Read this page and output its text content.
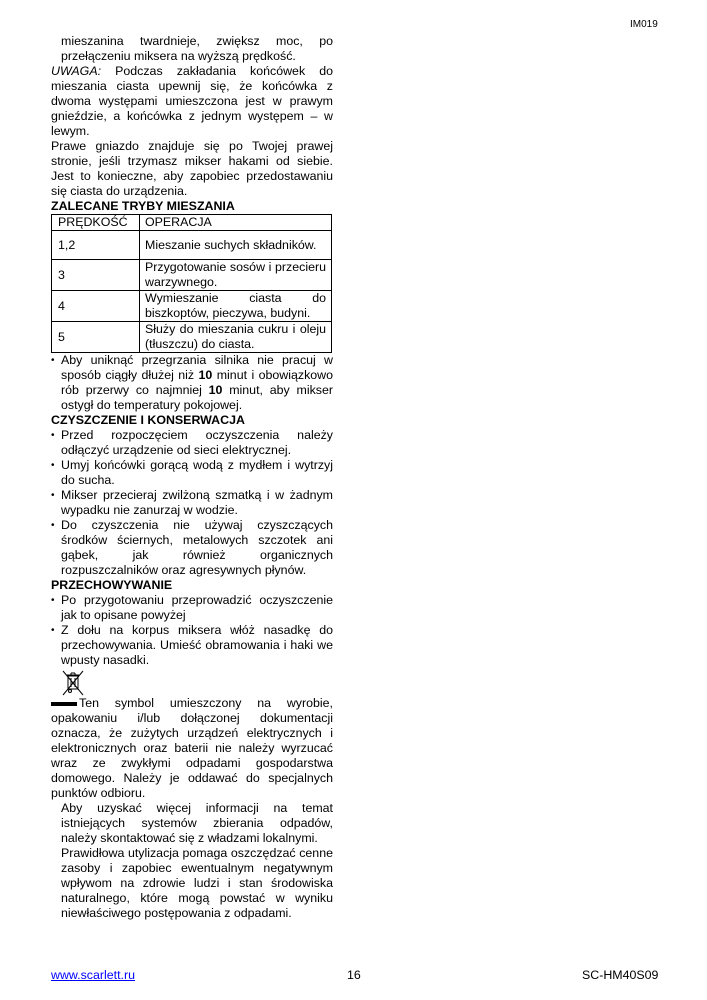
IM019

mieszanina twardnieje, zwiększ moc, po przełączeniu miksera na wyższą prędkość.

UWAGA: Podczas zakładania końcówek do mieszania ciasta upewnij się, że końcówka z dwoma występami umieszczona jest w prawym gnieździe, a końcówka z jednym występem – w lewym.

Prawe gniazdo znajduje się po Twojej prawej stronie, jeśli trzymasz mikser hakami od siebie. Jest to konieczne, aby zapobiec przedostawaniu się ciasta do urządzenia.

ZALECANE TRYBY MIESZANIA
PRĘDKOŚĆ	OPERACJA
1,2	Mieszanie suchych składników.
3	Przygotowanie sosów i przecieru warzywnego.
4	Wymieszanie ciasta do biszkoptów, pieczywa, budyni.
5	Służy do mieszania cukru i oleju (tłuszczu) do ciasta.
• Aby uniknąć przegrzania silnika nie pracuj w sposób ciągły dłużej niż 10 minut i obowiązkowo rób przerwy co najmniej 10 minut, aby mikser ostygł do temperatury pokojowej.
CZYSZCZENIE I KONSERWACJA
• Przed rozpoczęciem oczyszczenia należy odłączyć urządzenie od sieci elektrycznej.
• Umyj końcówki gorącą wodą z mydłem i wytrzyj do sucha.
• Mikser przecieraj zwilżoną szmatką i w żadnym wypadku nie zanurzaj w wodzie.
• Do czyszczenia nie używaj czyszczących środków ściernych, metalowych szczotek ani gąbek, jak również organicznych rozpuszczalników oraz agresywnych płynów.
PRZECHOWYWANIE
• Po przygotowaniu przeprowadzić oczyszczenie jak to opisane powyżej
• Z dołu na korpus miksera włóż nasadkę do przechowywania. Umieść obramowania i haki we wpusty nasadki.

Ten symbol umieszczony na wyrobie, opakowaniu i/lub dołączonej dokumentacji oznacza, że zużytych urządzeń elektrycznych i elektronicznych oraz baterii nie należy wyrzucać wraz ze zwykłymi odpadami gospodarstwa domowego. Należy je oddawać do specjalnych punktów odbioru.

Aby uzyskać więcej informacji na temat istniejących systemów zbierania odpadów, należy skontaktować się z władzami lokalnymi.

Prawidłowa utylizacja pomaga oszczędzać cenne zasoby i zapobiec ewentualnym negatywnym wpływom na zdrowie ludzi i stan środowiska naturalnego, które mogą powstać w wyniku niewłaściwego postępowania z odpadami.

www.scarlett.ru	16	SC-HM40S09
